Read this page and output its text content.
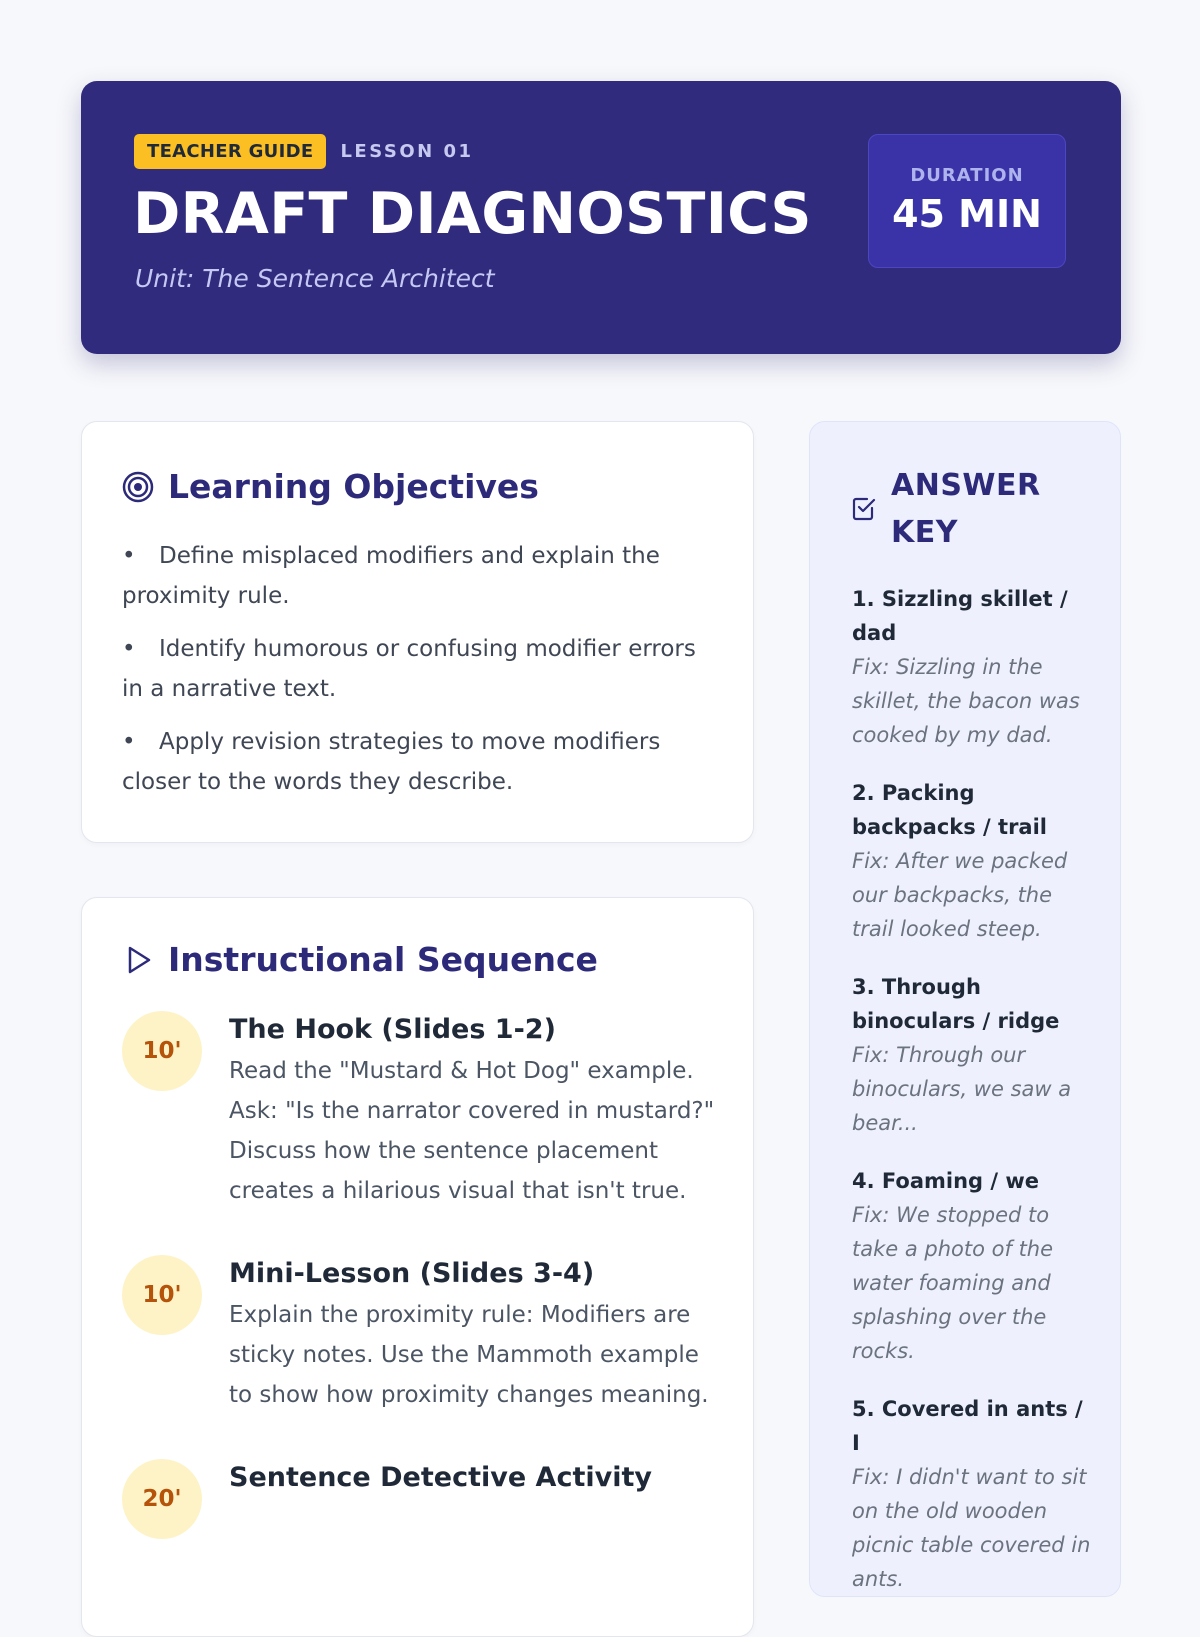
TEACHER GUIDE	LESSON 01
DRAFT DIAGNOSTICS
Unit: The Sentence Architect
DURATION
45 MIN
Learning Objectives
• Define misplaced modifiers and explain the proximity rule.
• Identify humorous or confusing modifier errors in a narrative text.
• Apply revision strategies to move modifiers closer to the words they describe.
Instructional Sequence
10'
The Hook (Slides 1-2)
Read the "Mustard & Hot Dog" example. Ask: "Is the narrator covered in mustard?" Discuss how the sentence placement creates a hilarious visual that isn't true.
10'
Mini-Lesson (Slides 3-4)
Explain the proximity rule: Modifiers are sticky notes. Use the Mammoth example to show how proximity changes meaning.
20'
Sentence Detective Activity
ANSWER KEY
1. Sizzling skillet / dad
Fix: Sizzling in the skillet, the bacon was cooked by my dad.
2. Packing backpacks / trail
Fix: After we packed our backpacks, the trail looked steep.
3. Through binoculars / ridge
Fix: Through our binoculars, we saw a bear...
4. Foaming / we
Fix: We stopped to take a photo of the water foaming and splashing over the rocks.
5. Covered in ants / I
Fix: I didn't want to sit on the old wooden picnic table covered in ants.
